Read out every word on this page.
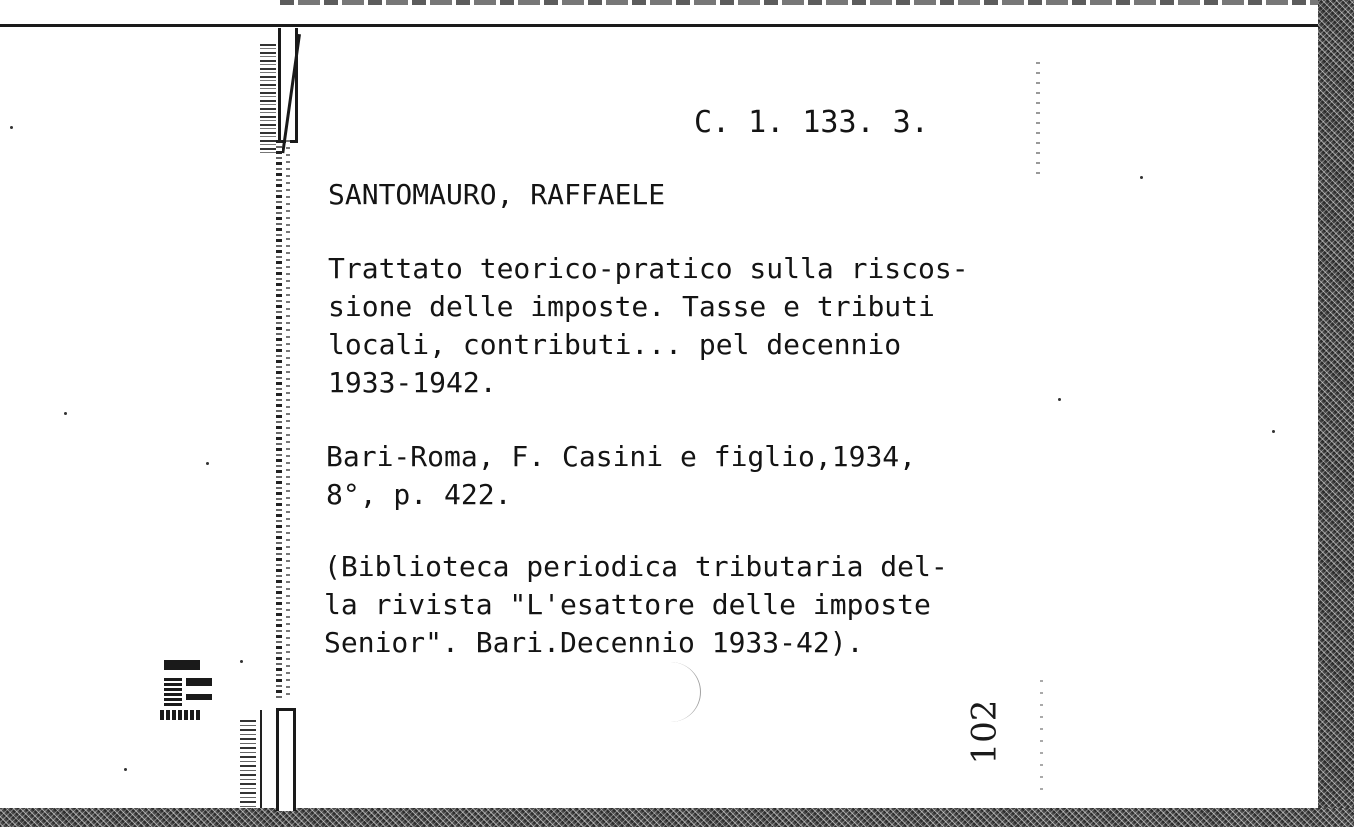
C. 1. 133. 3.

SANTOMAURO, RAFFAELE

Trattato teorico-pratico sulla riscos-
sione delle imposte. Tasse e tributi
locali, contributi... pel decennio
1933-1942.
Bari-Roma, F. Casini e figlio,1934,
8°, p. 422.
(Biblioteca periodica tributaria del-
la rivista "L'esattore delle imposte
Senior". Bari.Decennio 1933-42).
102
